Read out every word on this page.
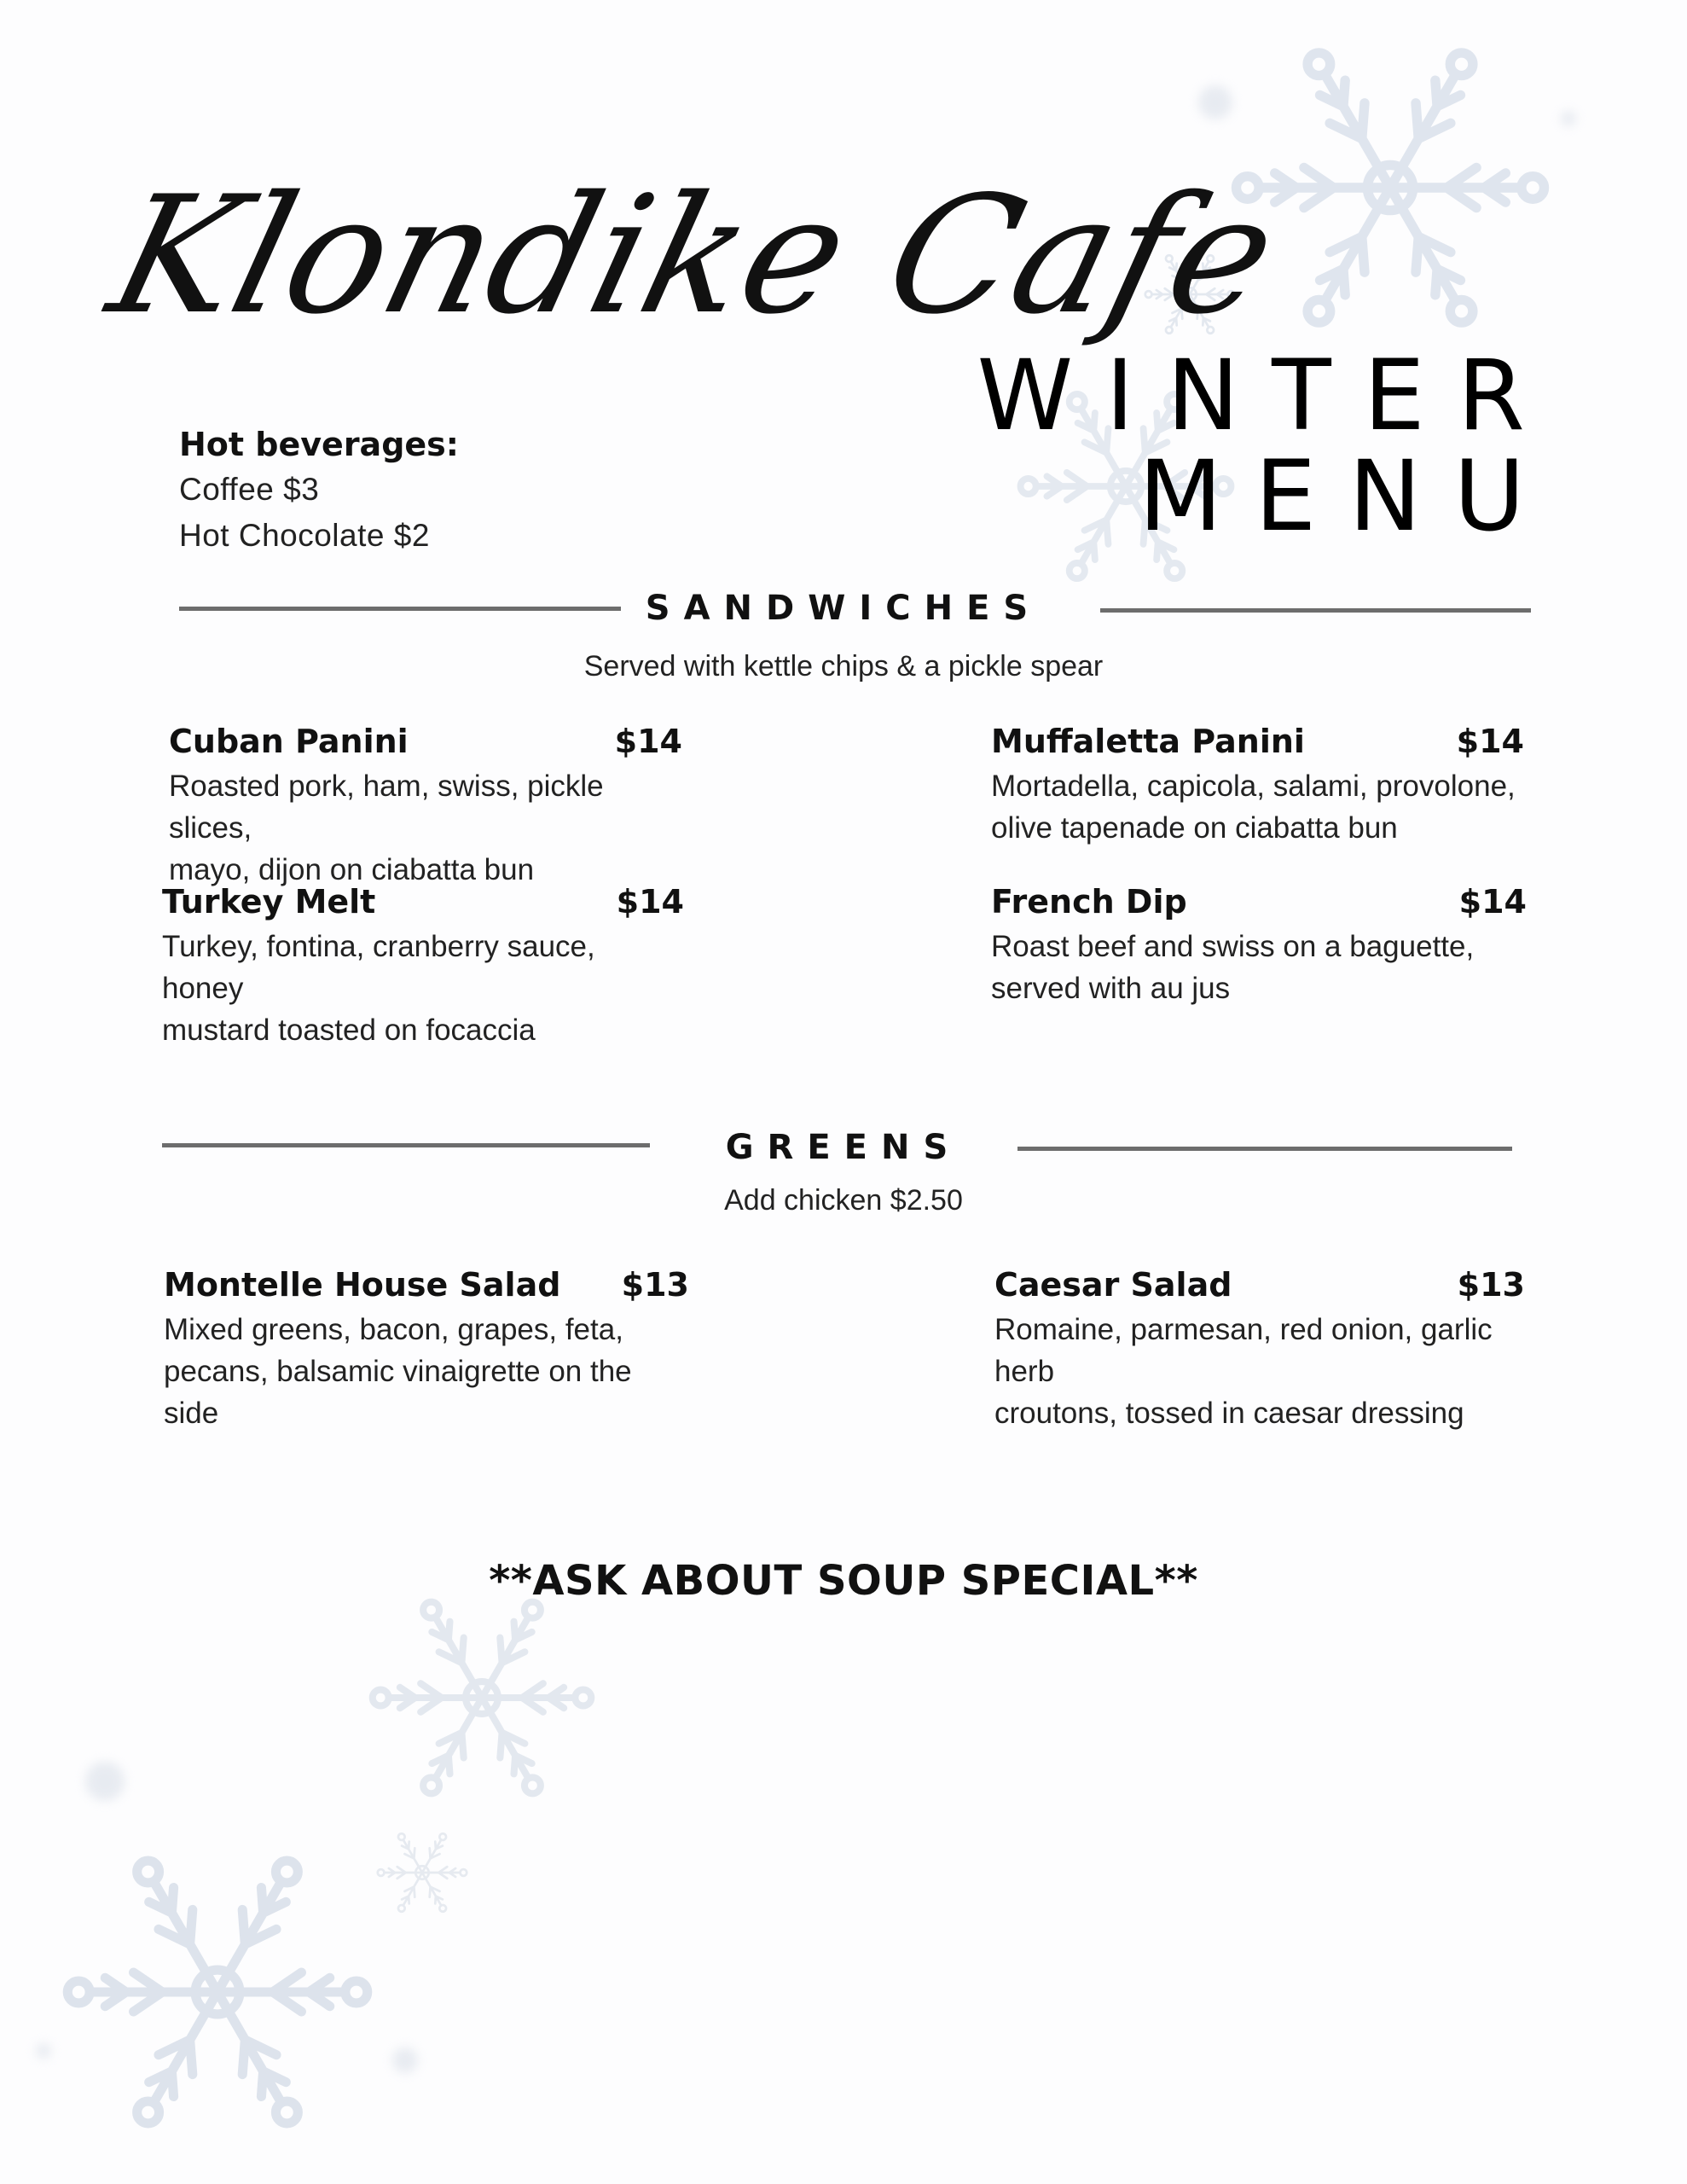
Klondike Cafe
WINTER
MENU
Hot beverages:
Coffee $3
Hot Chocolate $2
SANDWICHES
Served with kettle chips & a pickle spear
Cuban Panini	$14
Roasted pork, ham, swiss, pickle slices,
mayo, dijon on ciabatta bun
Muffaletta Panini	$14
Mortadella, capicola, salami, provolone,
olive tapenade on ciabatta bun
Turkey Melt	$14
Turkey, fontina, cranberry sauce, honey
mustard toasted on focaccia
French Dip	$14
Roast beef and swiss on a baguette,
served with au jus
GREENS
Add chicken $2.50
Montelle House Salad $13
Mixed greens, bacon, grapes, feta,
pecans, balsamic vinaigrette on the side
Caesar Salad	$13
Romaine, parmesan, red onion, garlic herb
croutons, tossed in caesar dressing
**ASK ABOUT SOUP SPECIAL**
